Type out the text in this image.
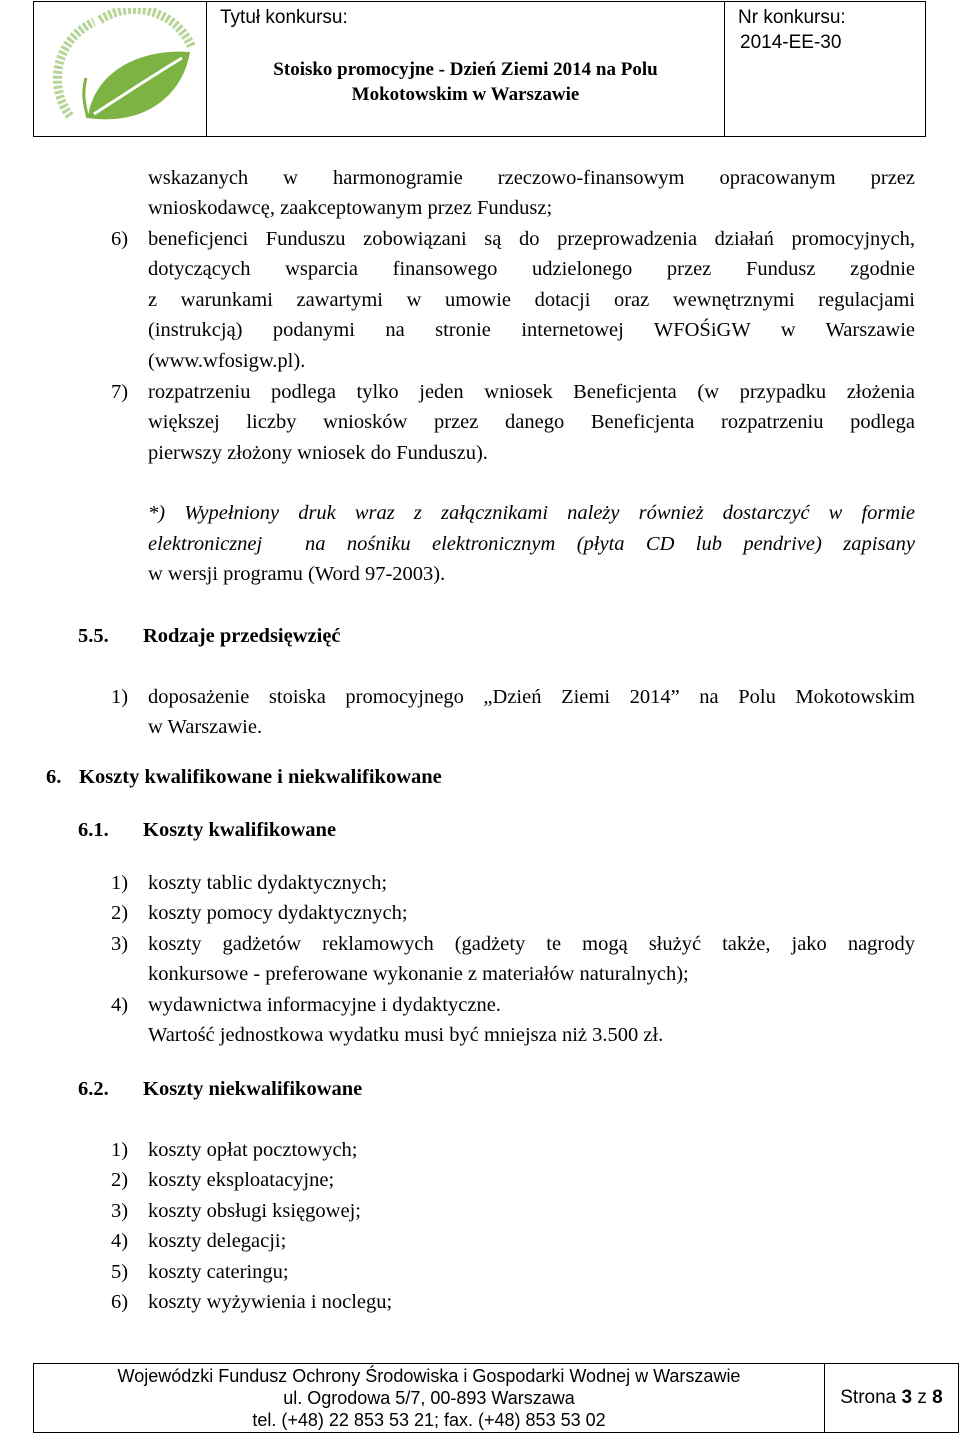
Tytuł konkursu:
Stoisko promocyjne - Dzień Ziemi 2014 na Polu
Mokotowskim w Warszawie
Nr konkursu:
2014-EE-30
wskazanych w harmonogramie rzeczowo-finansowym opracowanym przez
wnioskodawcę, zaakceptowanym przez Fundusz;
6) beneficjenci Funduszu zobowiązani są do przeprowadzenia działań promocyjnych,
dotyczących wsparcia finansowego udzielonego przez Fundusz zgodnie
z warunkami zawartymi w umowie dotacji oraz wewnętrznymi regulacjami
(instrukcją) podanymi na stronie internetowej WFOŚiGW w Warszawie
(www.wfosigw.pl).
7) rozpatrzeniu podlega tylko jeden wniosek Beneficjenta (w przypadku złożenia
większej liczby wniosków przez danego Beneficjenta rozpatrzeniu podlega
pierwszy złożony wniosek do Funduszu).
*) Wypełniony druk wraz z załącznikami należy również dostarczyć w formie
elektronicznej  na nośniku elektronicznym (płyta CD lub pendrive) zapisany
w wersji programu (Word 97-2003).
5.5. Rodzaje przedsięwzięć
1) doposażenie stoiska promocyjnego „Dzień Ziemi 2014” na Polu Mokotowskim
w Warszawie.
6. Koszty kwalifikowane i niekwalifikowane
6.1. Koszty kwalifikowane
1) koszty tablic dydaktycznych;
2) koszty pomocy dydaktycznych;
3) koszty gadżetów reklamowych (gadżety te mogą służyć także, jako nagrody
konkursowe - preferowane wykonanie z materiałów naturalnych);
4) wydawnictwa informacyjne i dydaktyczne.
Wartość jednostkowa wydatku musi być mniejsza niż 3.500 zł.
6.2. Koszty niekwalifikowane
1) koszty opłat pocztowych;
2) koszty eksploatacyjne;
3) koszty obsługi księgowej;
4) koszty delegacji;
5) koszty cateringu;
6) koszty wyżywienia i noclegu;
Wojewódzki Fundusz Ochrony Środowiska i Gospodarki Wodnej w Warszawie
ul. Ogrodowa 5/7, 00-893 Warszawa
tel. (+48) 22 853 53 21; fax. (+48) 853 53 02
Strona 3 z 8
